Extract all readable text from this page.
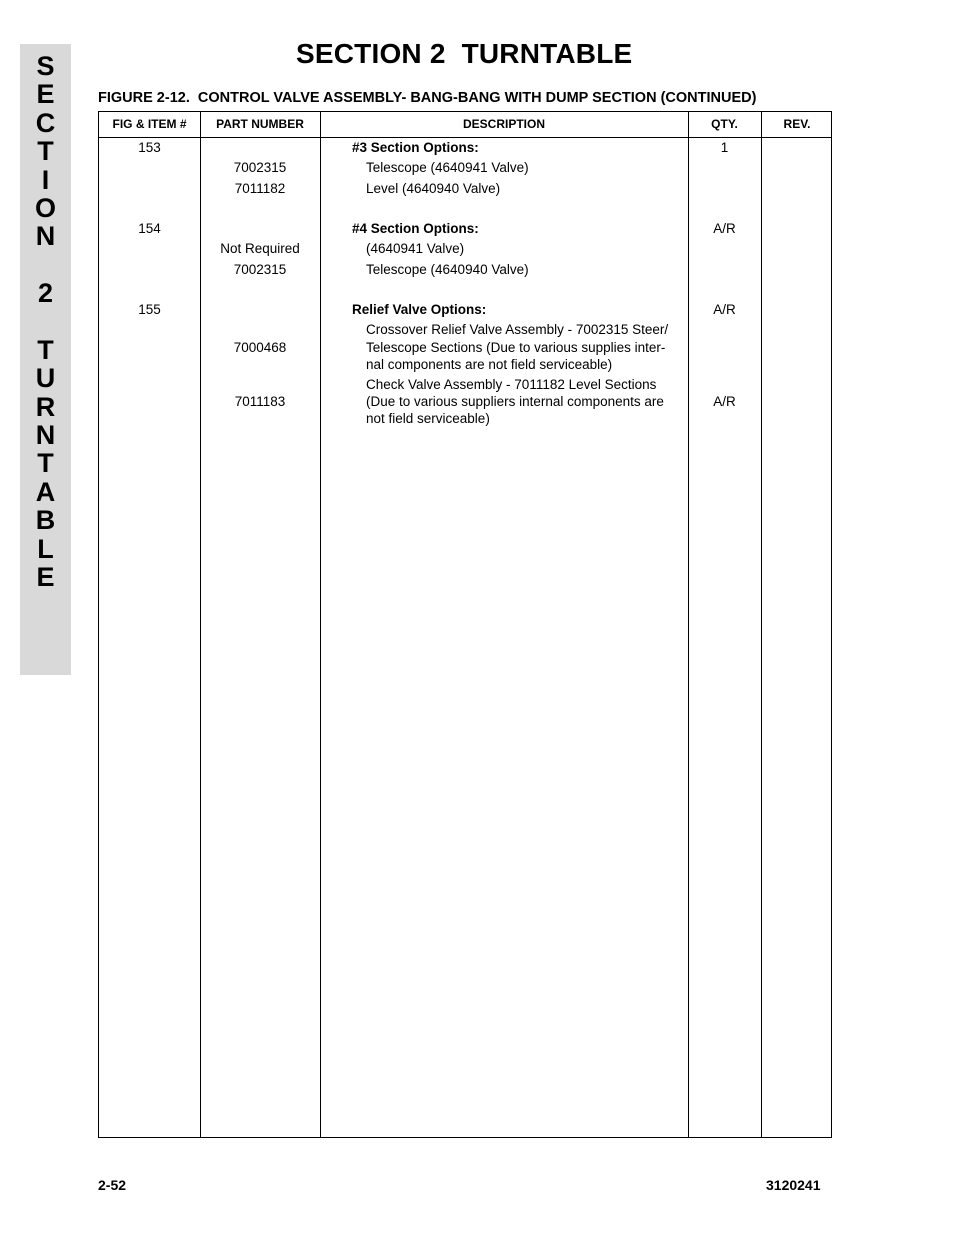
S
E
C
T
I
O
N
2
T
U
R
N
T
A
B
L
E
SECTION 2  TURNTABLE
FIGURE 2-12.  CONTROL VALVE ASSEMBLY- BANG-BANG WITH DUMP SECTION (CONTINUED)
FIG & ITEM #	PART NUMBER	DESCRIPTION	QTY.	REV.
153	#3 Section Options:	1
7002315	Telescope (4640941 Valve)
7011182	Level (4640940 Valve)
154	#4 Section Options:	A/R
Not Required	(4640941 Valve)
7002315	Telescope (4640940 Valve)
155	Relief Valve Options:	A/R
Crossover Relief Valve Assembly - 7002315 Steer/
7000468	Telescope Sections (Due to various supplies inter-
nal components are not field serviceable)
Check Valve Assembly - 7011182 Level Sections
7011183	(Due to various suppliers internal components are	A/R
not field serviceable)
2-52	3120241
